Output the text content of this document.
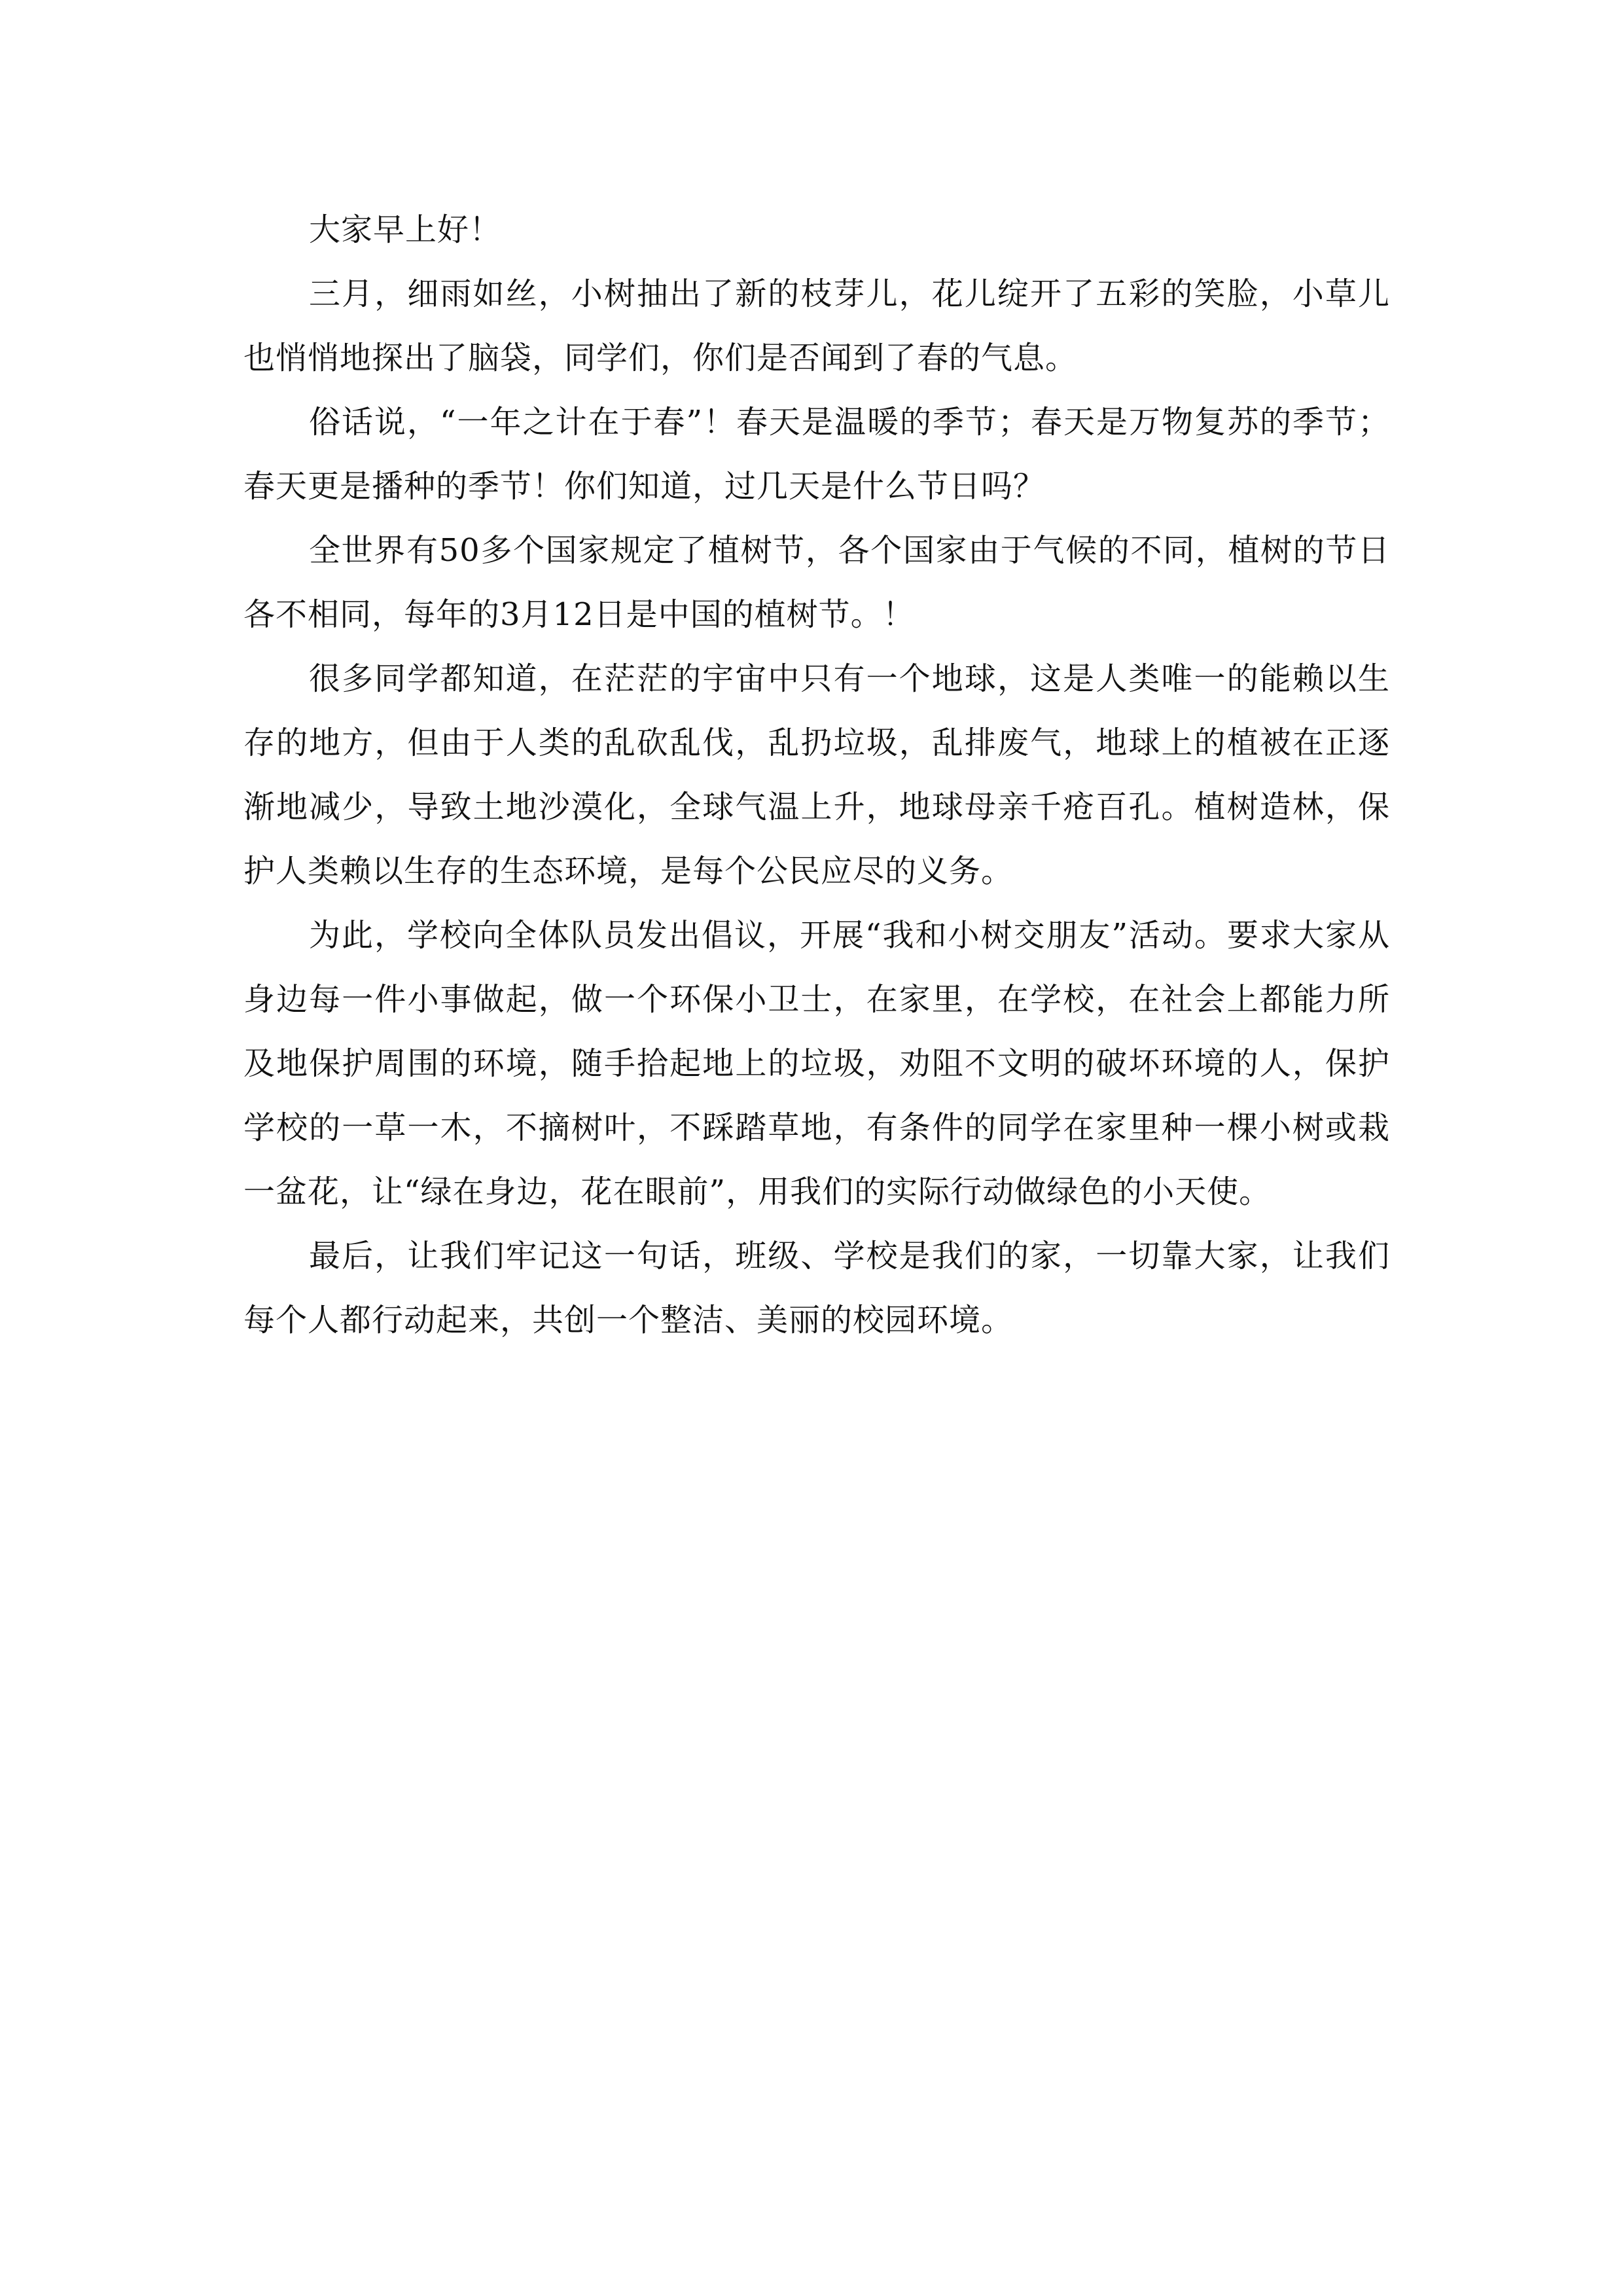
大家早上好！

三月，细雨如丝，小树抽出了新的枝芽儿，花儿绽开了五彩的笑脸，小草儿也悄悄地探出了脑袋，同学们，你们是否闻到了春的气息。

俗话说，“一年之计在于春”！春天是温暖的季节；春天是万物复苏的季节；春天更是播种的季节！你们知道，过几天是什么节日吗？

全世界有50多个国家规定了植树节，各个国家由于气候的不同，植树的节日各不相同，每年的3月12日是中国的植树节。！

很多同学都知道，在茫茫的宇宙中只有一个地球，这是人类唯一的能赖以生存的地方，但由于人类的乱砍乱伐，乱扔垃圾，乱排废气，地球上的植被在正逐渐地减少，导致土地沙漠化，全球气温上升，地球母亲千疮百孔。植树造林，保护人类赖以生存的生态环境，是每个公民应尽的义务。

为此，学校向全体队员发出倡议，开展“我和小树交朋友”活动。要求大家从身边每一件小事做起，做一个环保小卫士，在家里，在学校，在社会上都能力所及地保护周围的环境，随手拾起地上的垃圾，劝阻不文明的破坏环境的人，保护学校的一草一木，不摘树叶，不踩踏草地，有条件的同学在家里种一棵小树或栽一盆花，让“绿在身边，花在眼前”，用我们的实际行动做绿色的小天使。

最后，让我们牢记这一句话，班级、学校是我们的家，一切靠大家，让我们每个人都行动起来，共创一个整洁、美丽的校园环境。
